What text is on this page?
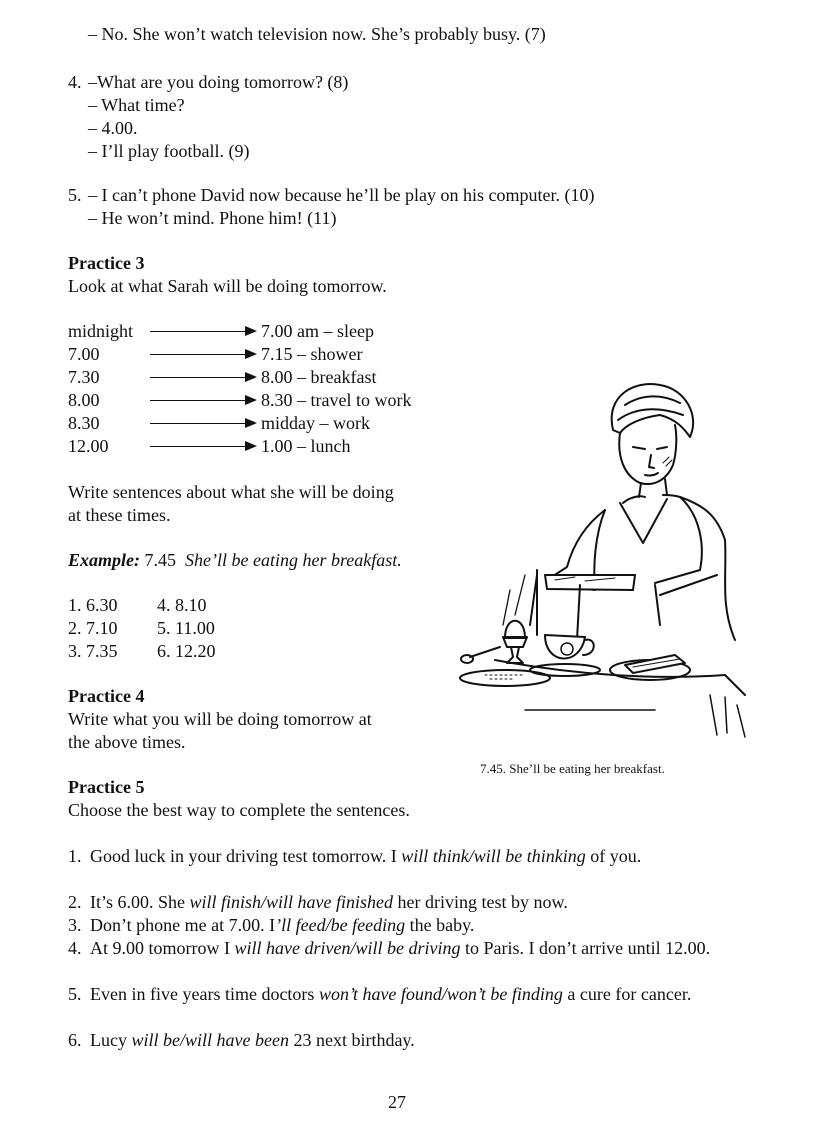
– No. She won’t watch television now. She’s probably busy. (7)
4. –What are you doing tomorrow? (8)
– What time?
– 4.00.
– I’ll play football. (9)
5. – I can’t phone David now because he’ll be play on his computer. (10)
– He won’t mind. Phone him! (11)
Practice 3
Look at what Sarah will be doing tomorrow.
midnight	7.00 am – sleep
7.00	7.15 – shower
7.30	8.00 – breakfast
8.00	8.30 – travel to work
8.30	midday – work
12.00	1.00 – lunch
Write sentences about what she will be doing
at these times.
Example: 7.45 She’ll be eating her breakfast.
1. 6.30
2. 7.10
3. 7.35
4. 8.10
5. 11.00
6. 12.20
Practice 4
Write what you will be doing tomorrow at
the above times.
7.45. She’ll be eating her breakfast.
Practice 5
Choose the best way to complete the sentences.
1. Good luck in your driving test tomorrow. I will think/will be thinking of you.
2. It’s 6.00. She will finish/will have finished her driving test by now.
3. Don’t phone me at 7.00. I’ll feed/be feeding the baby.
4. At 9.00 tomorrow I will have driven/will be driving to Paris. I don’t arrive until 12.00.
5. Even in five years time doctors won’t have found/won’t be finding a cure for cancer.
6. Lucy will be/will have been 23 next birthday.
27
